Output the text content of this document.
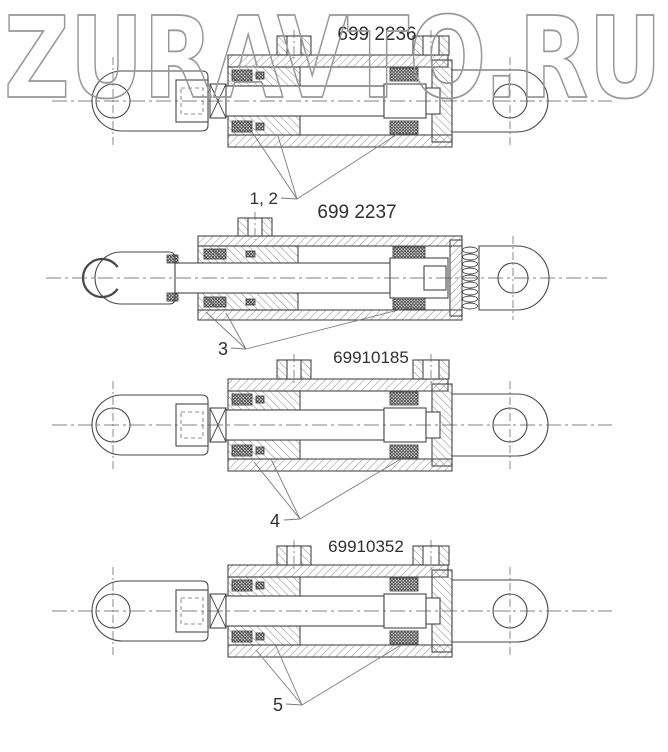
699 2236
1, 2
699 2237
3	69910185
4
69910352
5
ZURAVTO.RU
